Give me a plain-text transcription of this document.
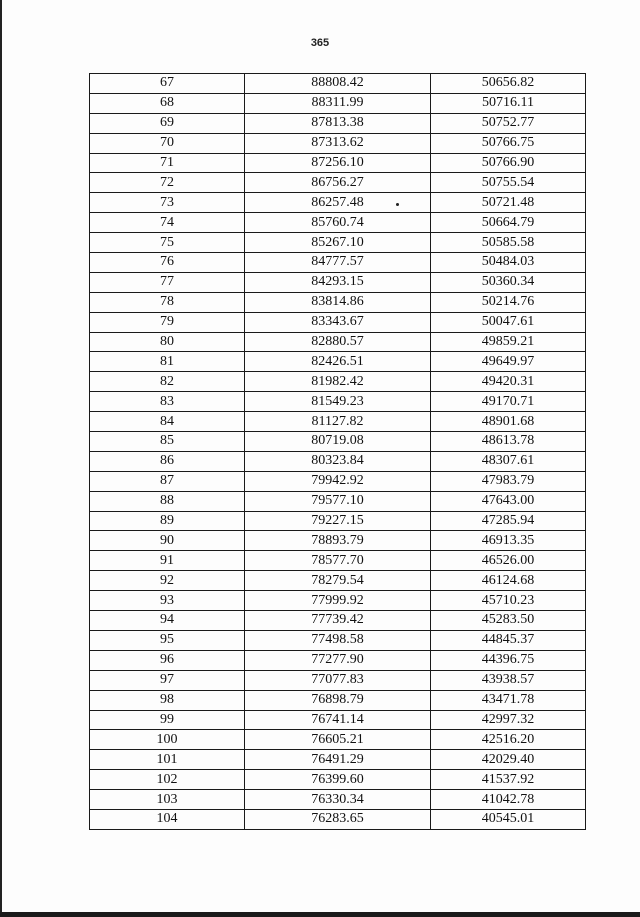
365
67	88808.42	50656.82
68	88311.99	50716.11
69	87813.38	50752.77
70	87313.62	50766.75
71	87256.10	50766.90
72	86756.27	50755.54
73	86257.48	50721.48
74	85760.74	50664.79
75	85267.10	50585.58
76	84777.57	50484.03
77	84293.15	50360.34
78	83814.86	50214.76
79	83343.67	50047.61
80	82880.57	49859.21
81	82426.51	49649.97
82	81982.42	49420.31
83	81549.23	49170.71
84	81127.82	48901.68
85	80719.08	48613.78
86	80323.84	48307.61
87	79942.92	47983.79
88	79577.10	47643.00
89	79227.15	47285.94
90	78893.79	46913.35
91	78577.70	46526.00
92	78279.54	46124.68
93	77999.92	45710.23
94	77739.42	45283.50
95	77498.58	44845.37
96	77277.90	44396.75
97	77077.83	43938.57
98	76898.79	43471.78
99	76741.14	42997.32
100	76605.21	42516.20
101	76491.29	42029.40
102	76399.60	41537.92
103	76330.34	41042.78
104	76283.65	40545.01
